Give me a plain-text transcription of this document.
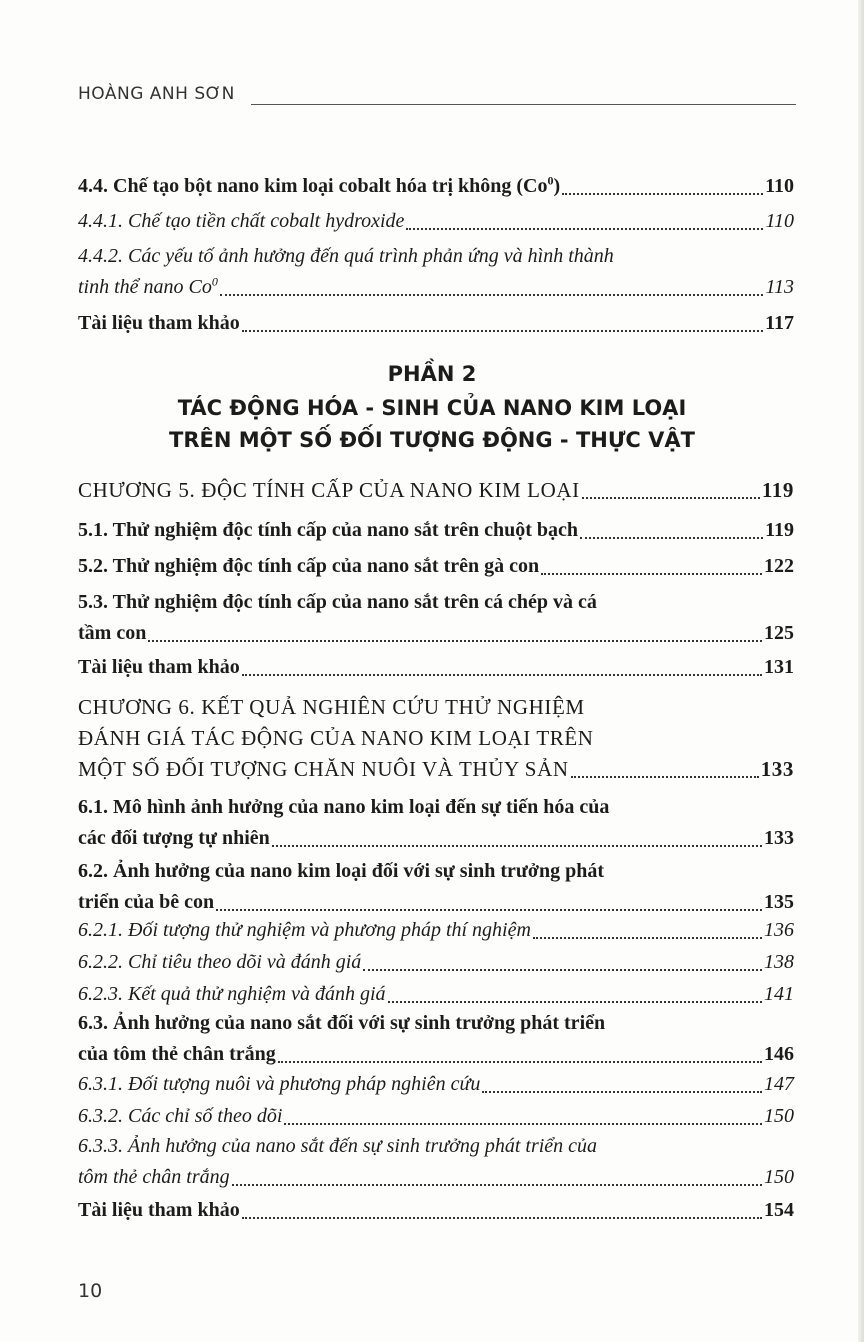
HOÀNG ANH SƠN
4.4. Chế tạo bột nano kim loại cobalt hóa trị không (Co$^0$)	110
4.4.1. Chế tạo tiền chất cobalt hydroxide	110
4.4.2. Các yếu tố ảnh hưởng đến quá trình phản ứng và hình thành
tinh thể nano Co$^0$	113
Tài liệu tham khảo	117
PHẦN 2
TÁC ĐỘNG HÓA - SINH CỦA NANO KIM LOẠI
TRÊN MỘT SỐ ĐỐI TƯỢNG ĐỘNG - THỰC VẬT
CHƯƠNG 5. ĐỘC TÍNH CẤP CỦA NANO KIM LOẠI	119
5.1. Thử nghiệm độc tính cấp của nano sắt trên chuột bạch	119
5.2. Thử nghiệm độc tính cấp của nano sắt trên gà con	122
5.3. Thử nghiệm độc tính cấp của nano sắt trên cá chép và cá
tầm con	125
Tài liệu tham khảo	131
CHƯƠNG 6. KẾT QUẢ NGHIÊN CỨU THỬ NGHIỆM
ĐÁNH GIÁ TÁC ĐỘNG CỦA NANO KIM LOẠI TRÊN
MỘT SỐ ĐỐI TƯỢNG CHĂN NUÔI VÀ THỦY SẢN	133
6.1. Mô hình ảnh hưởng của nano kim loại đến sự tiến hóa của
các đối tượng tự nhiên	133
6.2. Ảnh hưởng của nano kim loại đối với sự sinh trưởng phát
triển của bê con	135
6.2.1. Đối tượng thử nghiệm và phương pháp thí nghiệm	136
6.2.2. Chỉ tiêu theo dõi và đánh giá	138
6.2.3. Kết quả thử nghiệm và đánh giá	141
6.3. Ảnh hưởng của nano sắt đối với sự sinh trưởng phát triển
của tôm thẻ chân trắng	146
6.3.1. Đối tượng nuôi và phương pháp nghiên cứu	147
6.3.2. Các chỉ số theo dõi	150
6.3.3. Ảnh hưởng của nano sắt đến sự sinh trưởng phát triển của
tôm thẻ chân trắng	150
Tài liệu tham khảo	154
10
